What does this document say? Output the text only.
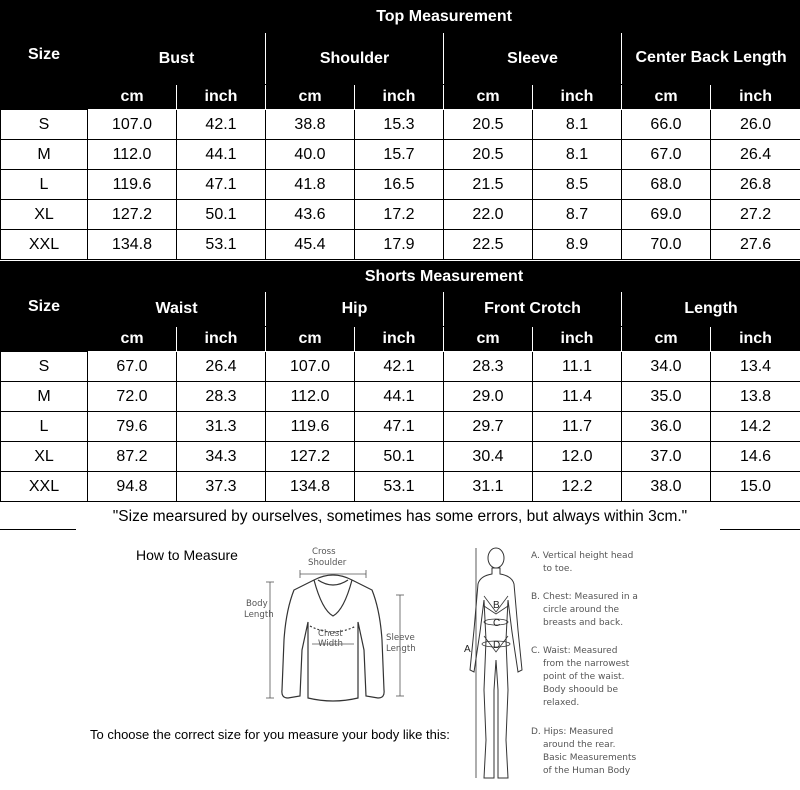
Size	Top Measurement							
	Bust		Shoulder		Sleeve		Center Back Length	
	cm	inch	cm	inch	cm	inch	cm	inch
S	107.0	42.1	38.8	15.3	20.5	8.1	66.0	26.0
M	112.0	44.1	40.0	15.7	20.5	8.1	67.0	26.4
L	119.6	47.1	41.8	16.5	21.5	8.5	68.0	26.8
XL	127.2	50.1	43.6	17.2	22.0	8.7	69.0	27.2
XXL	134.8	53.1	45.4	17.9	22.5	8.9	70.0	27.6
Size	Shorts Measurement							
	Waist		Hip		Front Crotch		Length	
	cm	inch	cm	inch	cm	inch	cm	inch
S	67.0	26.4	107.0	42.1	28.3	11.1	34.0	13.4
M	72.0	28.3	112.0	44.1	29.0	11.4	35.0	13.8
L	79.6	31.3	119.6	47.1	29.7	11.7	36.0	14.2
XL	87.2	34.3	127.2	50.1	30.4	12.0	37.0	14.6
XXL	94.8	37.3	134.8	53.1	31.1	12.2	38.0	15.0
"Size mearsured by ourselves, sometimes has some errors, but always within 3cm."
How to Measure	Cross
Shoulder
Body
Length
Chest
Width
Sleeve
Length
To choose the correct size for you measure your body like this:
A
B
C
D
A. Vertical height head
to toe.
B. Chest: Measured in a
circle around the
breasts and back.
C. Waist: Measured
from the narrowest
point of the waist.
Body shoould be
relaxed.
D. Hips: Measured
around the rear.
Basic Measurements
of the Human Body
